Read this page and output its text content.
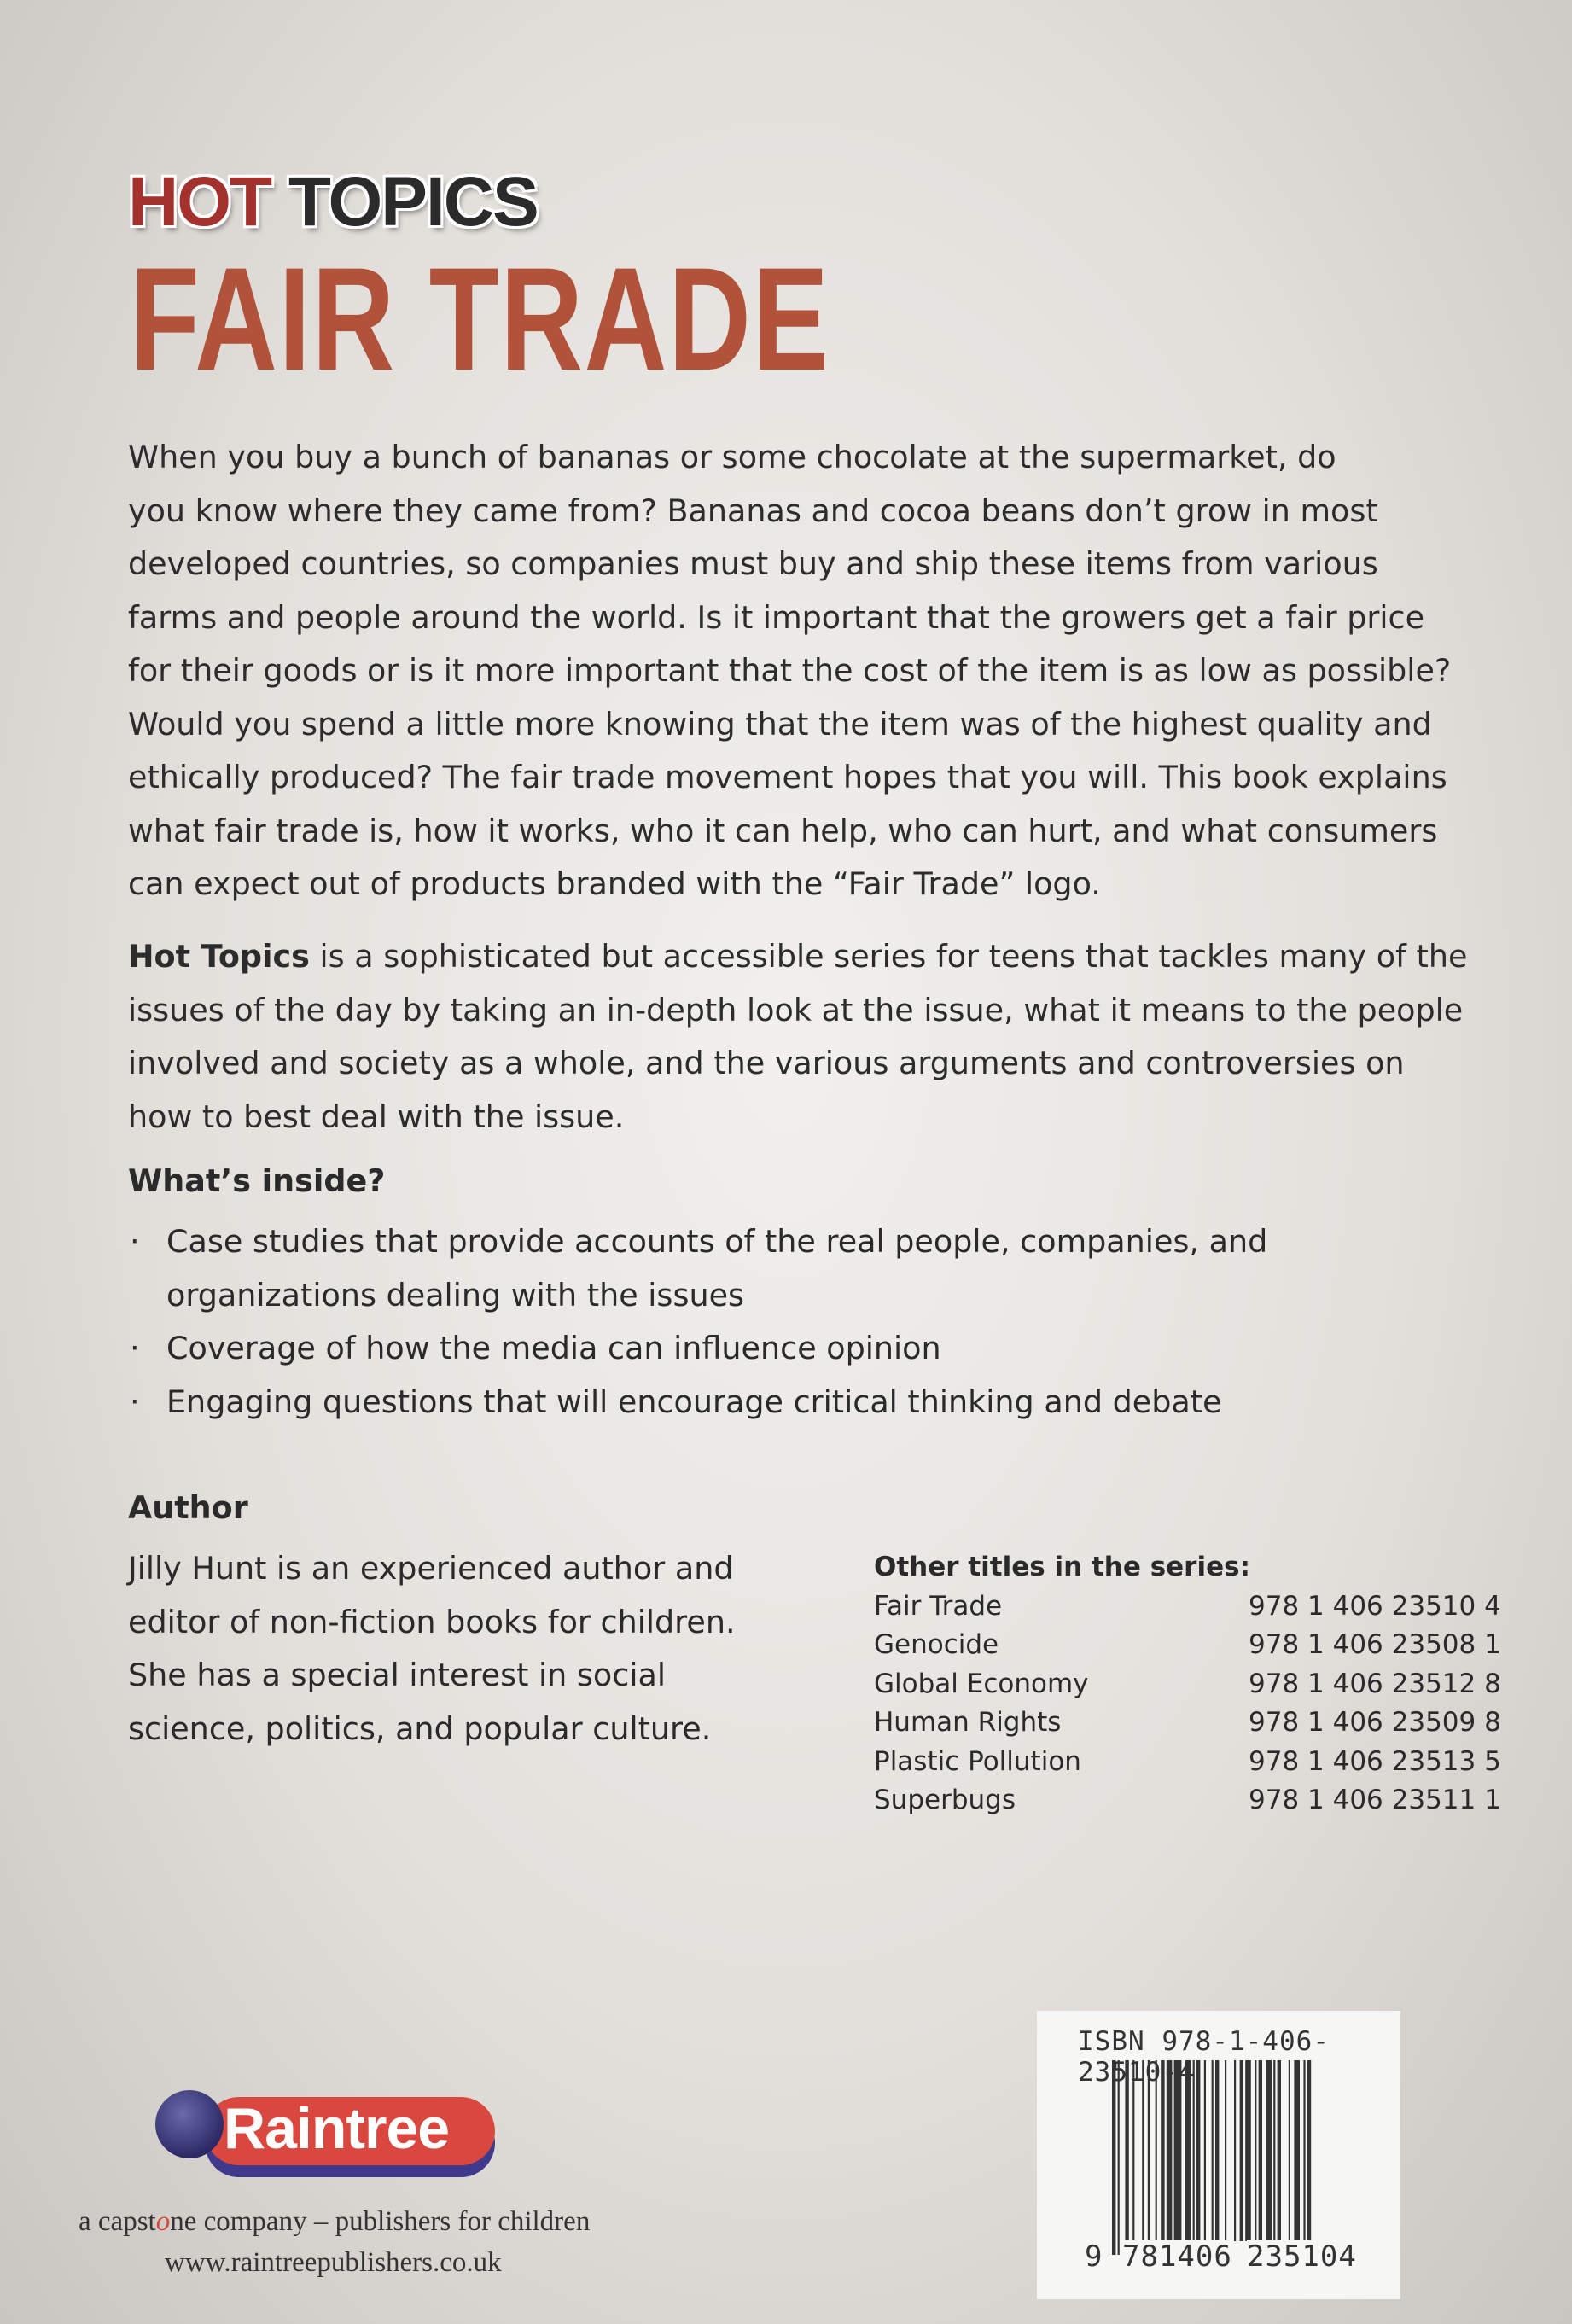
HOT TOPICS
FAIR TRADE
When you buy a bunch of bananas or some chocolate at the supermarket, do
you know where they came from? Bananas and cocoa beans don’t grow in most
developed countries, so companies must buy and ship these items from various
farms and people around the world. Is it important that the growers get a fair price
for their goods or is it more important that the cost of the item is as low as possible?
Would you spend a little more knowing that the item was of the highest quality and
ethically produced? The fair trade movement hopes that you will. This book explains
what fair trade is, how it works, who it can help, who can hurt, and what consumers
can expect out of products branded with the “Fair Trade” logo.
Hot Topics is a sophisticated but accessible series for teens that tackles many of the
issues of the day by taking an in-depth look at the issue, what it means to the people
involved and society as a whole, and the various arguments and controversies on
how to best deal with the issue.
What’s inside?
· Case studies that provide accounts of the real people, companies, and
organizations dealing with the issues
· Coverage of how the media can influence opinion
· Engaging questions that will encourage critical thinking and debate
Author
Jilly Hunt is an experienced author and
editor of non-fiction books for children.
She has a special interest in social
science, politics, and popular culture.
Other titles in the series:
Fair Trade	978 1 406 23510 4
Genocide	978 1 406 23508 1
Global Economy	978 1 406 23512 8
Human Rights	978 1 406 23509 8
Plastic Pollution	978 1 406 23513 5
Superbugs	978 1 406 23511 1
ISBN 978-1-406-23510-4
9 781406 235104
Raintree
a capstone company – publishers for children
www.raintreepublishers.co.uk
